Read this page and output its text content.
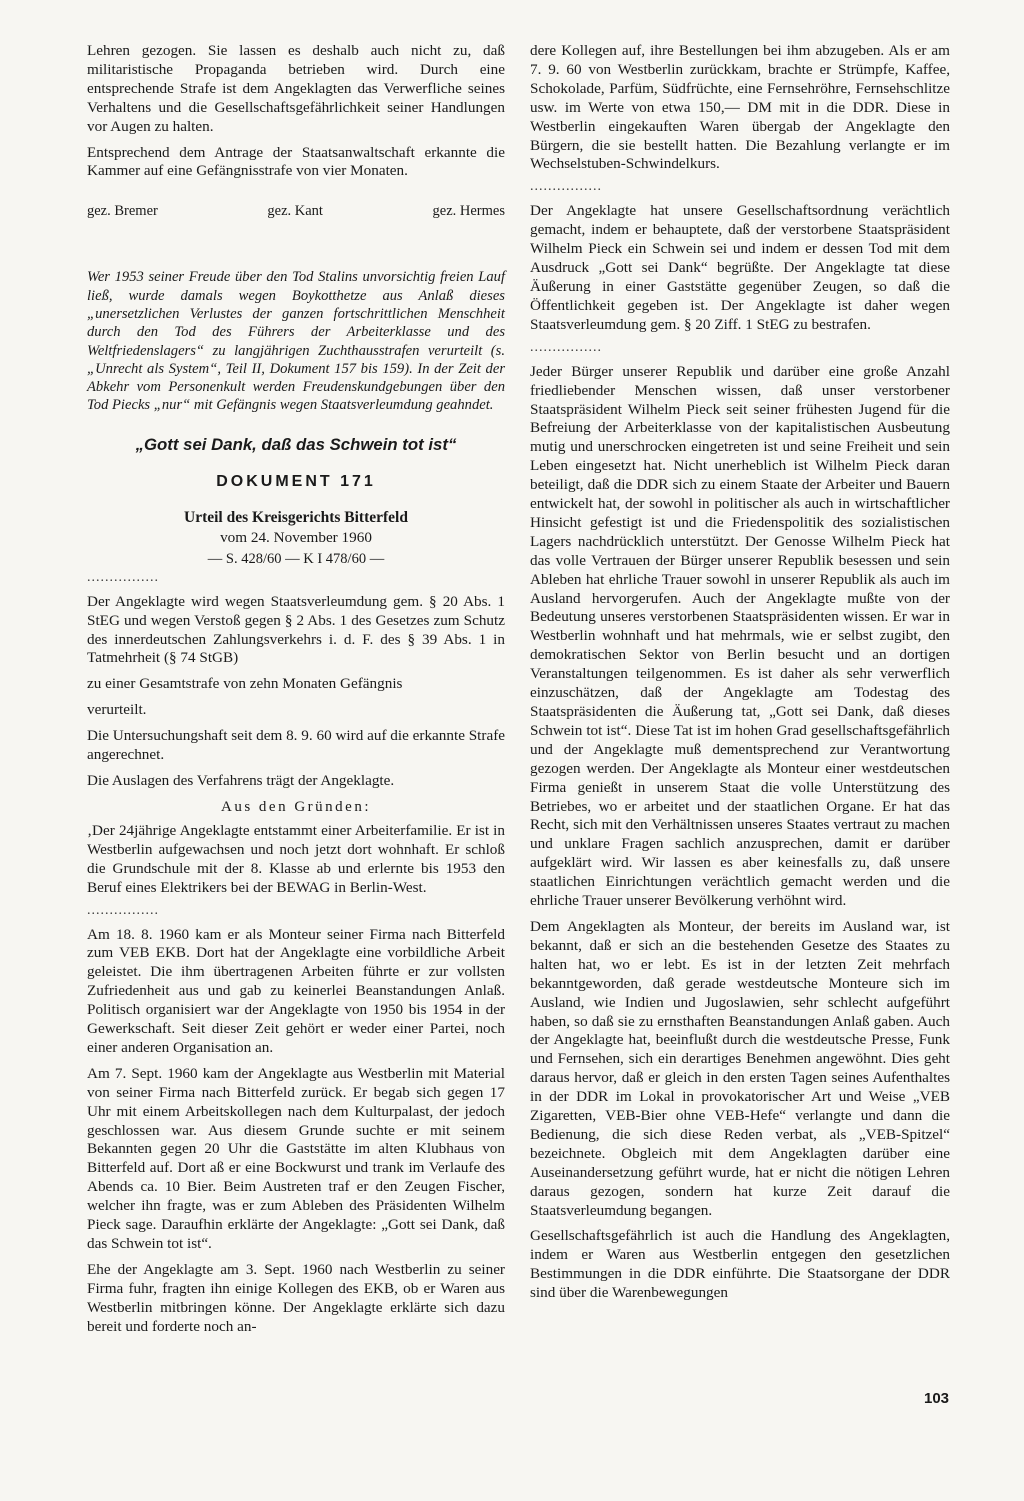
Lehren gezogen. Sie lassen es deshalb auch nicht zu, daß militaristische Propaganda betrieben wird. Durch eine entsprechende Strafe ist dem Angeklagten das Verwerfliche seines Verhaltens und die Gesellschaftsgefährlichkeit seiner Handlungen vor Augen zu halten.

Entsprechend dem Antrage der Staatsanwaltschaft erkannte die Kammer auf eine Gefängnisstrafe von vier Monaten.

gez. Bremer	gez. Kant	gez. Hermes

Wer 1953 seiner Freude über den Tod Stalins unvorsichtig freien Lauf ließ, wurde damals wegen Boykotthetze aus Anlaß dieses „unersetzlichen Verlustes der ganzen fortschrittlichen Menschheit durch den Tod des Führers der Arbeiterklasse und des Weltfriedenslagers“ zu langjährigen Zuchthausstrafen verurteilt (s. „Unrecht als System“, Teil II, Dokument 157 bis 159). In der Zeit der Abkehr vom Personenkult werden Freudenskundgebungen über den Tod Piecks „nur“ mit Gefängnis wegen Staatsverleumdung geahndet.

„Gott sei Dank, daß das Schwein tot ist“
DOKUMENT 171
Urteil des Kreisgerichts Bitterfeld
vom 24. November 1960
— S. 428/60 — K I 478/60 —
................

Der Angeklagte wird wegen Staatsverleumdung gem. § 20 Abs. 1 StEG und wegen Verstoß gegen § 2 Abs. 1 des Gesetzes zum Schutz des innerdeutschen Zahlungsverkehrs i. d. F. des § 39 Abs. 1 in Tatmehrheit (§ 74 StGB)

zu einer Gesamtstrafe von zehn Monaten Gefängnis

verurteilt.

Die Untersuchungshaft seit dem 8. 9. 60 wird auf die erkannte Strafe angerechnet.

Die Auslagen des Verfahrens trägt der Angeklagte.

Aus den Gründen:

‚Der 24jährige Angeklagte entstammt einer Arbeiterfamilie. Er ist in Westberlin aufgewachsen und noch jetzt dort wohnhaft. Er schloß die Grundschule mit der 8. Klasse ab und erlernte bis 1953 den Beruf eines Elektrikers bei der BEWAG in Berlin-West.

................

Am 18. 8. 1960 kam er als Monteur seiner Firma nach Bitterfeld zum VEB EKB. Dort hat der Angeklagte eine vorbildliche Arbeit geleistet. Die ihm übertragenen Arbeiten führte er zur vollsten Zufriedenheit aus und gab zu keinerlei Beanstandungen Anlaß. Politisch organisiert war der Angeklagte von 1950 bis 1954 in der Gewerkschaft. Seit dieser Zeit gehört er weder einer Partei, noch einer anderen Organisation an.

Am 7. Sept. 1960 kam der Angeklagte aus Westberlin mit Material von seiner Firma nach Bitterfeld zurück. Er begab sich gegen 17 Uhr mit einem Arbeitskollegen nach dem Kulturpalast, der jedoch geschlossen war. Aus diesem Grunde suchte er mit seinem Bekannten gegen 20 Uhr die Gaststätte im alten Klubhaus von Bitterfeld auf. Dort aß er eine Bockwurst und trank im Verlaufe des Abends ca. 10 Bier. Beim Austreten traf er den Zeugen Fischer, welcher ihn fragte, was er zum Ableben des Präsidenten Wilhelm Pieck sage. Daraufhin erklärte der Angeklagte: „Gott sei Dank, daß das Schwein tot ist“.

Ehe der Angeklagte am 3. Sept. 1960 nach Westberlin zu seiner Firma fuhr, fragten ihn einige Kollegen des EKB, ob er Waren aus Westberlin mitbringen könne. Der Angeklagte erklärte sich dazu bereit und forderte noch an-

dere Kollegen auf, ihre Bestellungen bei ihm abzugeben. Als er am 7. 9. 60 von Westberlin zurückkam, brachte er Strümpfe, Kaffee, Schokolade, Parfüm, Südfrüchte, eine Fernsehröhre, Fernsehschlitze usw. im Werte von etwa 150,— DM mit in die DDR. Diese in Westberlin eingekauften Waren übergab der Angeklagte den Bürgern, die sie bestellt hatten. Die Bezahlung verlangte er im Wechselstuben-Schwindelkurs.

................

Der Angeklagte hat unsere Gesellschaftsordnung verächtlich gemacht, indem er behauptete, daß der verstorbene Staatspräsident Wilhelm Pieck ein Schwein sei und indem er dessen Tod mit dem Ausdruck „Gott sei Dank“ begrüßte. Der Angeklagte tat diese Äußerung in einer Gaststätte gegenüber Zeugen, so daß die Öffentlichkeit gegeben ist. Der Angeklagte ist daher wegen Staatsverleumdung gem. § 20 Ziff. 1 StEG zu bestrafen.

................

Jeder Bürger unserer Republik und darüber eine große Anzahl friedliebender Menschen wissen, daß unser verstorbener Staatspräsident Wilhelm Pieck seit seiner frühesten Jugend für die Befreiung der Arbeiterklasse von der kapitalistischen Ausbeutung mutig und unerschrocken eingetreten ist und seine Freiheit und sein Leben eingesetzt hat. Nicht unerheblich ist Wilhelm Pieck daran beteiligt, daß die DDR sich zu einem Staate der Arbeiter und Bauern entwickelt hat, der sowohl in politischer als auch in wirtschaftlicher Hinsicht gefestigt ist und die Friedenspolitik des sozialistischen Lagers nachdrücklich unterstützt. Der Genosse Wilhelm Pieck hat das volle Vertrauen der Bürger unserer Republik besessen und sein Ableben hat ehrliche Trauer sowohl in unserer Republik als auch im Ausland hervorgerufen. Auch der Angeklagte mußte von der Bedeutung unseres verstorbenen Staatspräsidenten wissen. Er war in Westberlin wohnhaft und hat mehrmals, wie er selbst zugibt, den demokratischen Sektor von Berlin besucht und an dortigen Veranstaltungen teilgenommen. Es ist daher als sehr verwerflich einzuschätzen, daß der Angeklagte am Todestag des Staatspräsidenten die Äußerung tat, „Gott sei Dank, daß dieses Schwein tot ist“. Diese Tat ist im hohen Grad gesellschaftsgefährlich und der Angeklagte muß dementsprechend zur Verantwortung gezogen werden. Der Angeklagte als Monteur einer westdeutschen Firma genießt in unserem Staat die volle Unterstützung des Betriebes, wo er arbeitet und der staatlichen Organe. Er hat das Recht, sich mit den Verhältnissen unseres Staates vertraut zu machen und unklare Fragen sachlich anzusprechen, damit er darüber aufgeklärt wird. Wir lassen es aber keinesfalls zu, daß unsere staatlichen Einrichtungen verächtlich gemacht werden und die ehrliche Trauer unserer Bevölkerung verhöhnt wird.

Dem Angeklagten als Monteur, der bereits im Ausland war, ist bekannt, daß er sich an die bestehenden Gesetze des Staates zu halten hat, wo er lebt. Es ist in der letzten Zeit mehrfach bekanntgeworden, daß gerade westdeutsche Monteure sich im Ausland, wie Indien und Jugoslawien, sehr schlecht aufgeführt haben, so daß sie zu ernsthaften Beanstandungen Anlaß gaben. Auch der Angeklagte hat, beeinflußt durch die westdeutsche Presse, Funk und Fernsehen, sich ein derartiges Benehmen angewöhnt. Dies geht daraus hervor, daß er gleich in den ersten Tagen seines Aufenthaltes in der DDR im Lokal in provokatorischer Art und Weise „VEB Zigaretten, VEB-Bier ohne VEB-Hefe“ verlangte und dann die Bedienung, die sich diese Reden verbat, als „VEB-Spitzel“ bezeichnete. Obgleich mit dem Angeklagten darüber eine Auseinandersetzung geführt wurde, hat er nicht die nötigen Lehren daraus gezogen, sondern hat kurze Zeit darauf die Staatsverleumdung begangen.

Gesellschaftsgefährlich ist auch die Handlung des Angeklagten, indem er Waren aus Westberlin entgegen den gesetzlichen Bestimmungen in die DDR einführte. Die Staatsorgane der DDR sind über die Warenbewegungen

103
